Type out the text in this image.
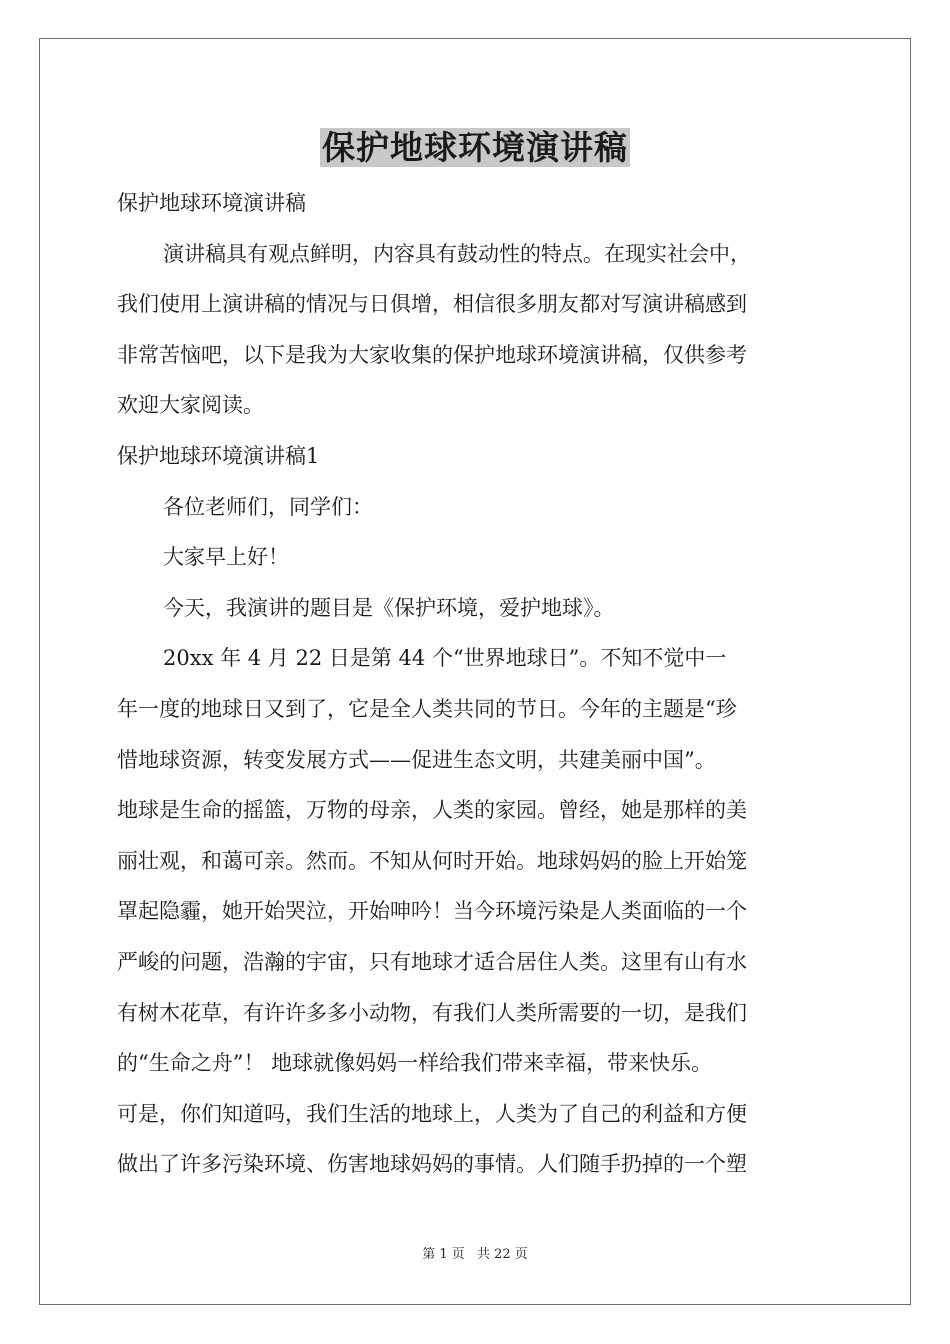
保护地球环境演讲稿
保护地球环境演讲稿
演讲稿具有观点鲜明，内容具有鼓动性的特点。在现实社会中，
我们使用上演讲稿的情况与日俱增，相信很多朋友都对写演讲稿感到
非常苦恼吧，以下是我为大家收集的保护地球环境演讲稿，仅供参考
欢迎大家阅读。
保护地球环境演讲稿1
各位老师们，同学们：
大家早上好！
今天，我演讲的题目是《保护环境，爱护地球》。
20xx 年 4 月 22 日是第 44 个“世界地球日”。不知不觉中一
年一度的地球日又到了，它是全人类共同的节日。今年的主题是“珍
惜地球资源，转变发展方式——促进生态文明，共建美丽中国”。
地球是生命的摇篮，万物的母亲，人类的家园。曾经，她是那样的美
丽壮观，和蔼可亲。然而。不知从何时开始。地球妈妈的脸上开始笼
罩起隐霾，她开始哭泣，开始呻吟！当今环境污染是人类面临的一个
严峻的问题，浩瀚的宇宙，只有地球才适合居住人类。这里有山有水
有树木花草，有许许多多小动物，有我们人类所需要的一切，是我们
的“生命之舟”！ 地球就像妈妈一样给我们带来幸福，带来快乐。
可是，你们知道吗，我们生活的地球上，人类为了自己的利益和方便
做出了许多污染环境、伤害地球妈妈的事情。人们随手扔掉的一个塑
第 1 页 共 22 页
